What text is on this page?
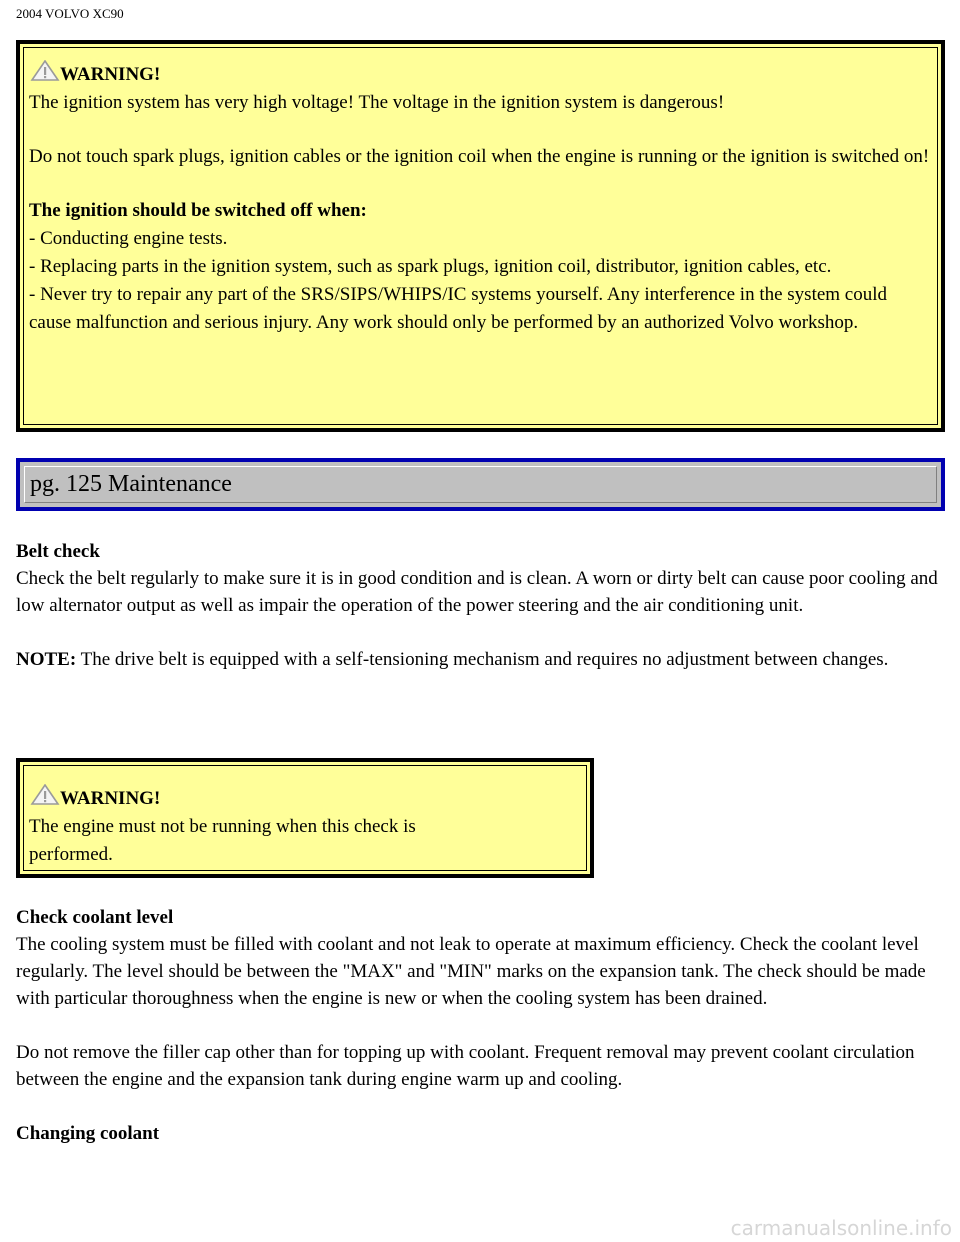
2004 VOLVO XC90
WARNING!

The ignition system has very high voltage! The voltage in the ignition system is dangerous!

Do not touch spark plugs, ignition cables or the ignition coil when the engine is running or the ignition is switched on!

The ignition should be switched off when:

- Conducting engine tests.

- Replacing parts in the ignition system, such as spark plugs, ignition coil, distributor, ignition cables, etc.

- Never try to repair any part of the SRS/SIPS/WHIPS/IC systems yourself. Any interference in the system could cause malfunction and serious injury. Any work should only be performed by an authorized Volvo workshop.

pg. 125 Maintenance

Belt check

Check the belt regularly to make sure it is in good condition and is clean. A worn or dirty belt can cause poor cooling and low alternator output as well as impair the operation of the power steering and the air conditioning unit.

NOTE: The drive belt is equipped with a self-tensioning mechanism and requires no adjustment between changes.

WARNING!

The engine must not be running when this check is performed.

Check coolant level

The cooling system must be filled with coolant and not leak to operate at maximum efficiency. Check the coolant level regularly. The level should be between the "MAX" and "MIN" marks on the expansion tank. The check should be made with particular thoroughness when the engine is new or when the cooling system has been drained.

Do not remove the filler cap other than for topping up with coolant. Frequent removal may prevent coolant circulation between the engine and the expansion tank during engine warm up and cooling.

Changing coolant

carmanualsonline.info
